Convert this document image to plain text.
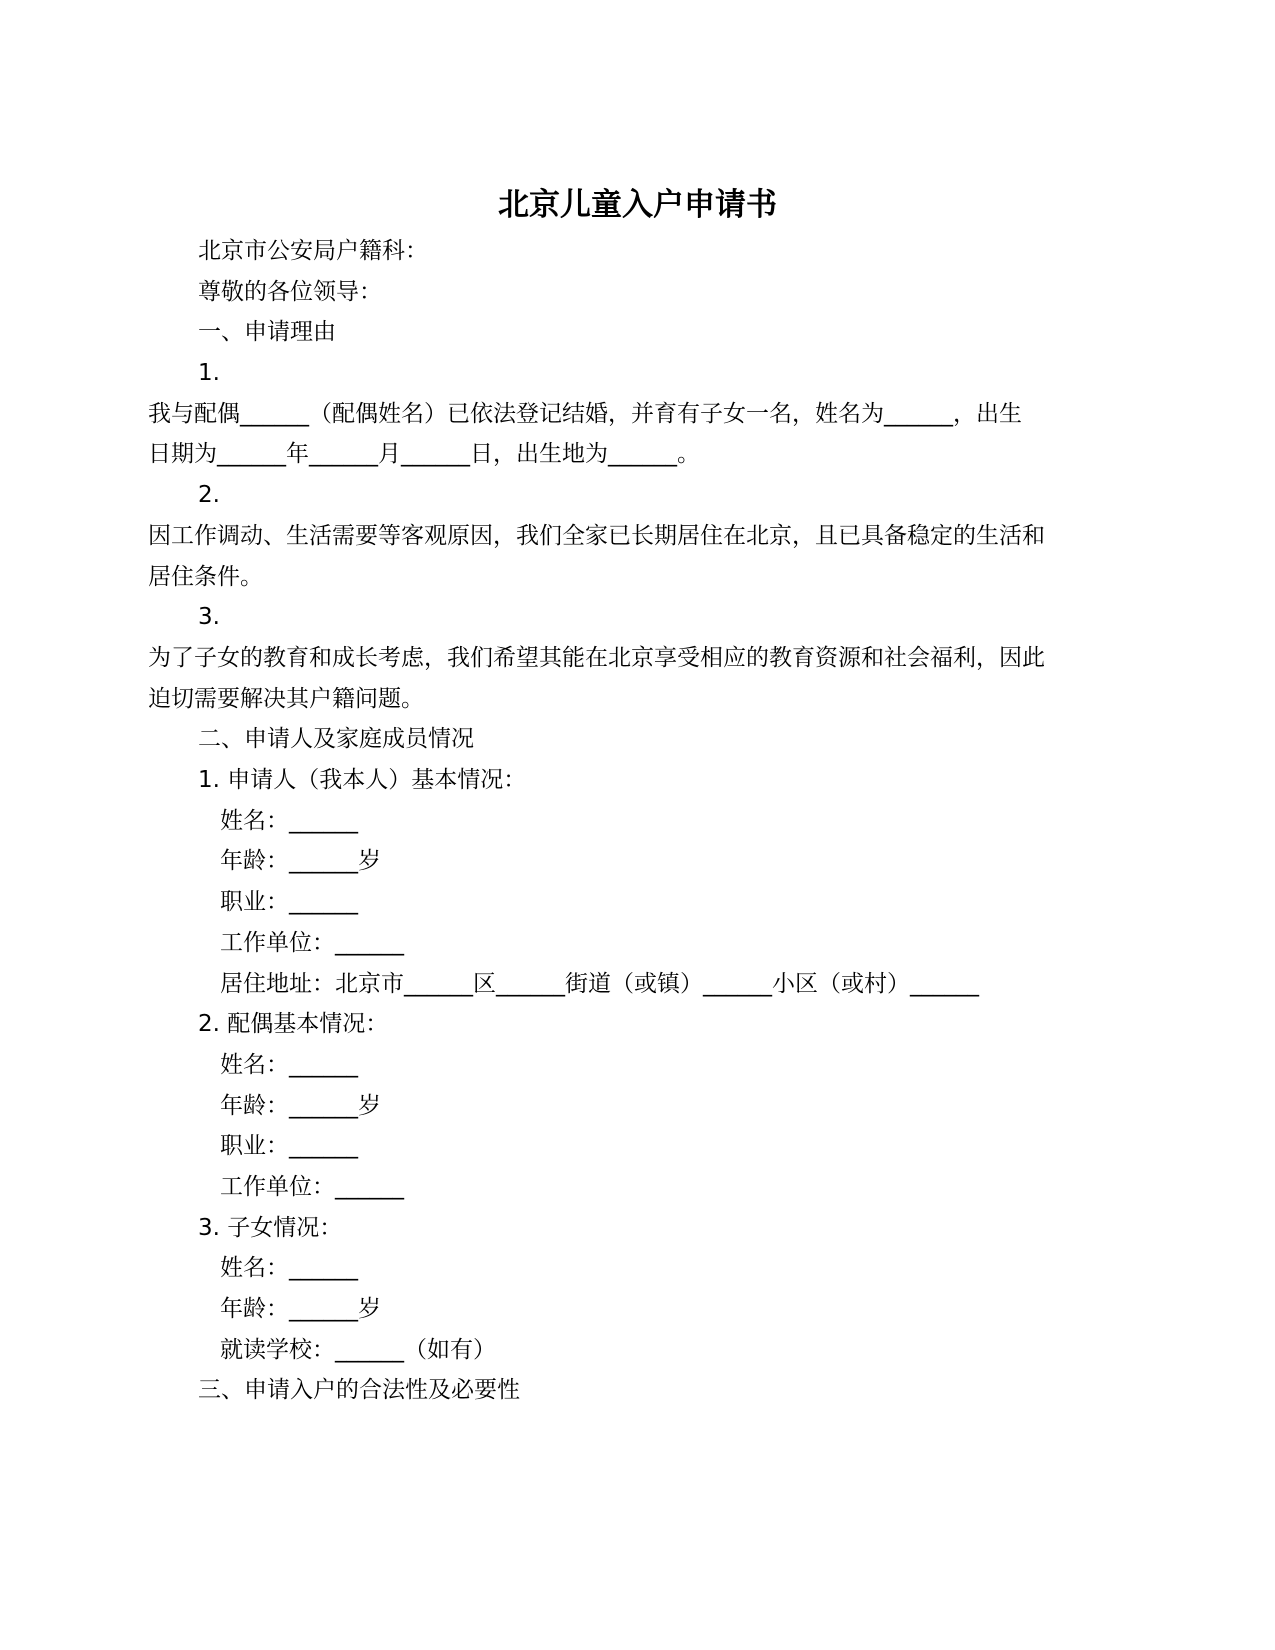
北京儿童入户申请书
北京市公安局户籍科：
尊敬的各位领导：
一、申请理由
1.
我与配偶______（配偶姓名）已依法登记结婚，并育有子女一名，姓名为______，出生
日期为______年______月______日，出生地为______。
2.
因工作调动、生活需要等客观原因，我们全家已长期居住在北京，且已具备稳定的生活和
居住条件。
3.
为了子女的教育和成长考虑，我们希望其能在北京享受相应的教育资源和社会福利，因此
迫切需要解决其户籍问题。
二、申请人及家庭成员情况
1. 申请人（我本人）基本情况：
姓名：______
年龄：______岁
职业：______
工作单位：______
居住地址：北京市______区______街道（或镇）______小区（或村）______
2. 配偶基本情况：
姓名：______
年龄：______岁
职业：______
工作单位：______
3. 子女情况：
姓名：______
年龄：______岁
就读学校：______（如有）
三、申请入户的合法性及必要性
